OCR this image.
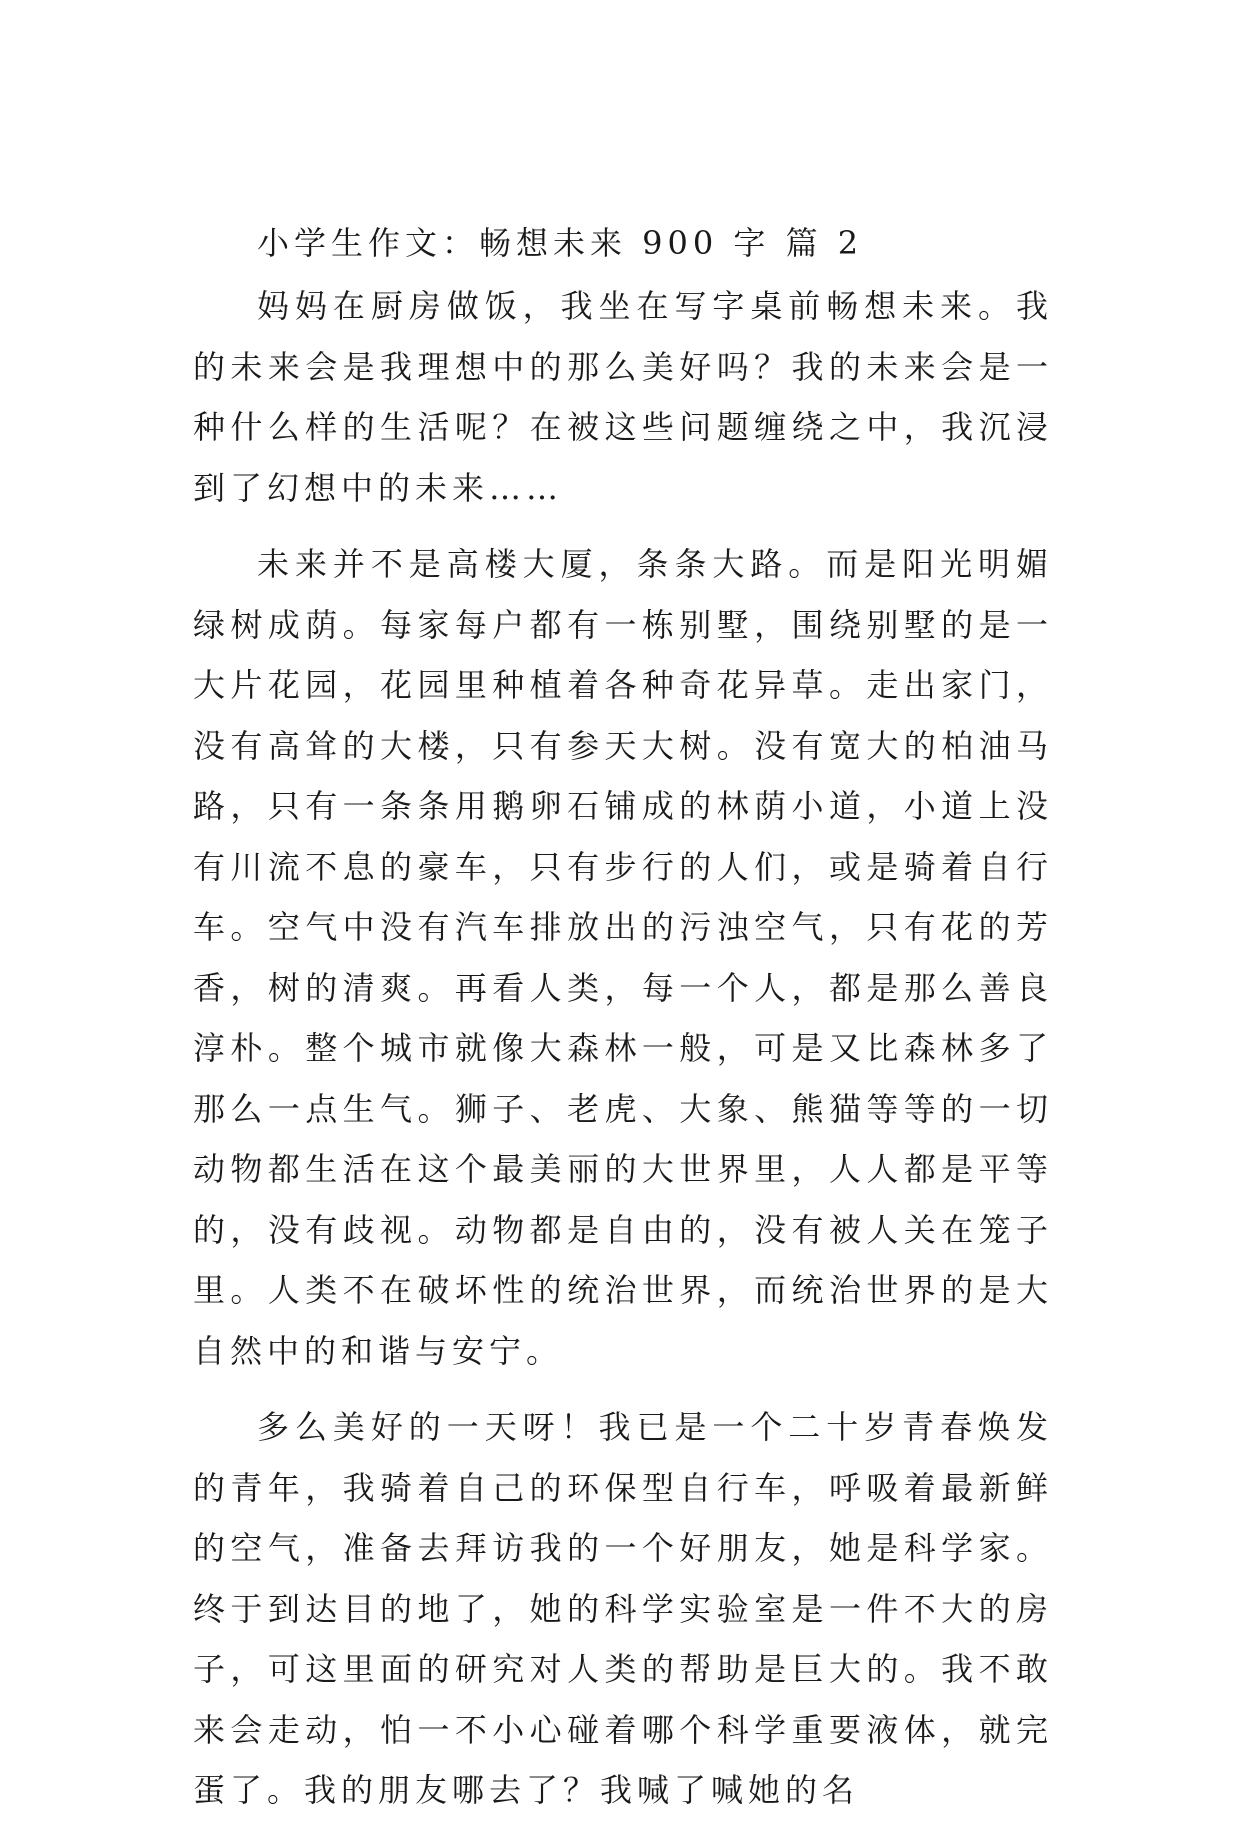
小学生作文：畅想未来 900 字 篇 2

妈妈在厨房做饭，我坐在写字桌前畅想未来。我的未来会是我理想中的那么美好吗？我的未来会是一种什么样的生活呢？在被这些问题缠绕之中，我沉浸到了幻想中的未来……

未来并不是高楼大厦，条条大路。而是阳光明媚绿树成荫。每家每户都有一栋别墅，围绕别墅的是一大片花园，花园里种植着各种奇花异草。走出家门，没有高耸的大楼，只有参天大树。没有宽大的柏油马路，只有一条条用鹅卵石铺成的林荫小道，小道上没有川流不息的豪车，只有步行的人们，或是骑着自行车。空气中没有汽车排放出的污浊空气，只有花的芳香，树的清爽。再看人类，每一个人，都是那么善良淳朴。整个城市就像大森林一般，可是又比森林多了那么一点生气。狮子、老虎、大象、熊猫等等的一切动物都生活在这个最美丽的大世界里，人人都是平等的，没有歧视。动物都是自由的，没有被人关在笼子里。人类不在破坏性的统治世界，而统治世界的是大自然中的和谐与安宁。

多么美好的一天呀！我已是一个二十岁青春焕发的青年，我骑着自己的环保型自行车，呼吸着最新鲜的空气，准备去拜访我的一个好朋友，她是科学家。终于到达目的地了，她的科学实验室是一件不大的房子，可这里面的研究对人类的帮助是巨大的。我不敢来会走动，怕一不小心碰着哪个科学重要液体，就完蛋了。我的朋友哪去了？我喊了喊她的名
